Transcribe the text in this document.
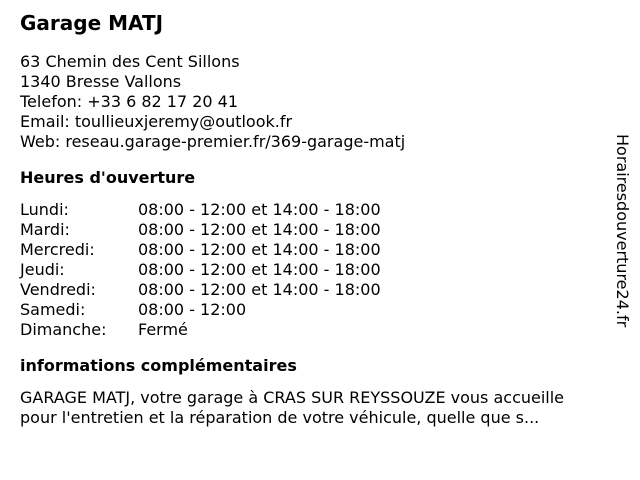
Garage MATJ
63 Chemin des Cent Sillons
1340 Bresse Vallons
Telefon: +33 6 82 17 20 41
Email: toullieuxjeremy@outlook.fr
Web: reseau.garage-premier.fr/369-garage-matj
Heures d'ouverture
Lundi:	08:00 - 12:00 et 14:00 - 18:00
Mardi:	08:00 - 12:00 et 14:00 - 18:00
Mercredi:	08:00 - 12:00 et 14:00 - 18:00
Jeudi:	08:00 - 12:00 et 14:00 - 18:00
Vendredi:	08:00 - 12:00 et 14:00 - 18:00
Samedi:	08:00 - 12:00
Dimanche:	Fermé
informations complémentaires
GARAGE MATJ, votre garage à CRAS SUR REYSSOUZE vous accueille
pour l'entretien et la réparation de votre véhicule, quelle que s...
Horairesdouverture24.fr
